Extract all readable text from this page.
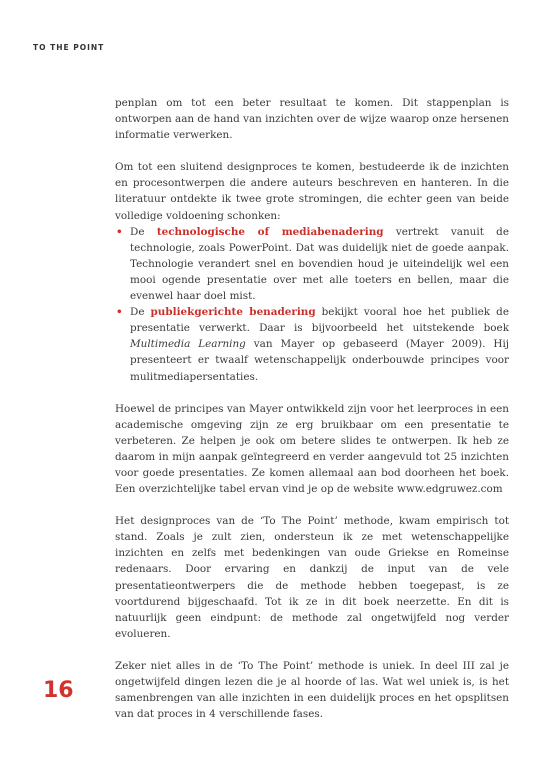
TO THE POINT

penplan om tot een beter resultaat te komen. Dit stappenplan is ontworpen aan de hand van inzichten over de wijze waarop onze hersenen informatie verwerken.

Om tot een sluitend designproces te komen, bestudeerde ik de inzichten en procesontwerpen die andere auteurs beschreven en hanteren. In die literatuur ontdekte ik twee grote stromingen, die echter geen van beide volledige voldoening schonken:

• De technologische of mediabenadering vertrekt vanuit de technologie, zoals PowerPoint. Dat was duidelijk niet de goede aanpak. Technologie verandert snel en bovendien houd je uiteindelijk wel een mooi ogende presentatie over met alle toeters en bellen, maar die evenwel haar doel mist.
• De publiekgerichte benadering bekijkt vooral hoe het publiek de presentatie verwerkt. Daar is bijvoorbeeld het uitstekende boek Multimedia Learning van Mayer op gebaseerd (Mayer 2009). Hij presenteert er twaalf wetenschappelijk onderbouwde principes voor mulitmediapersentaties.

Hoewel de principes van Mayer ontwikkeld zijn voor het leerproces in een academische omgeving zijn ze erg bruikbaar om een presentatie te verbeteren. Ze helpen je ook om betere slides te ontwerpen. Ik heb ze daarom in mijn aanpak geïntegreerd en verder aangevuld tot 25 inzichten voor goede presentaties. Ze komen allemaal aan bod doorheen het boek. Een overzichtelijke tabel ervan vind je op de website www.edgruwez.com

Het designproces van de ‘To The Point’ methode, kwam empirisch tot stand. Zoals je zult zien, ondersteun ik ze met wetenschappelijke inzichten en zelfs met bedenkingen van oude Griekse en Romeinse redenaars. Door ervaring en dankzij de input van de vele presentatieontwerpers die de methode hebben toegepast, is ze voortdurend bijgeschaafd. Tot ik ze in dit boek neerzette. En dit is natuurlijk geen eindpunt: de methode zal ongetwijfeld nog verder evolueren.

Zeker niet alles in de ‘To The Point’ methode is uniek. In deel III zal je ongetwijfeld dingen lezen die je al hoorde of las. Wat wel uniek is, is het samenbrengen van alle inzichten in een duidelijk proces en het opsplitsen van dat proces in 4 verschillende fases.

16
